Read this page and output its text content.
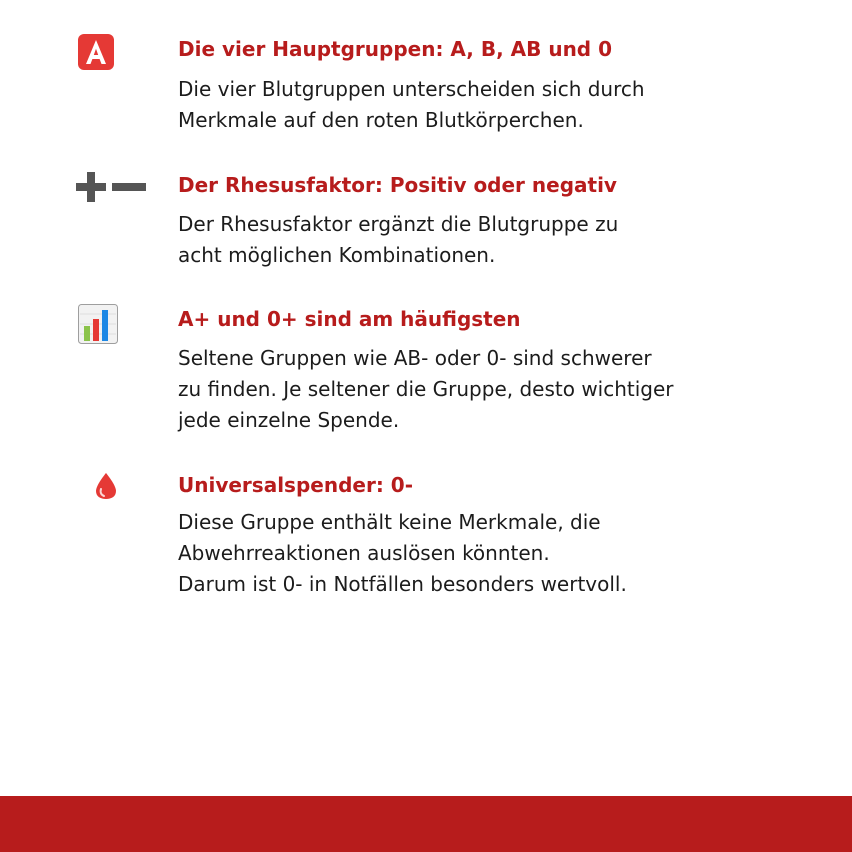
Die vier Hauptgruppen: A, B, AB und 0

Die vier Blutgruppen unterscheiden sich durch
Merkmale auf den roten Blutkörperchen.

Der Rhesusfaktor: Positiv oder negativ

Der Rhesusfaktor ergänzt die Blutgruppe zu
acht möglichen Kombinationen.

A+ und 0+ sind am häufigsten

Seltene Gruppen wie AB- oder 0- sind schwerer
zu finden. Je seltener die Gruppe, desto wichtiger
jede einzelne Spende.

Universalspender: 0-

Diese Gruppe enthält keine Merkmale, die
Abwehrreaktionen auslösen könnten.
Darum ist 0- in Notfällen besonders wertvoll.
